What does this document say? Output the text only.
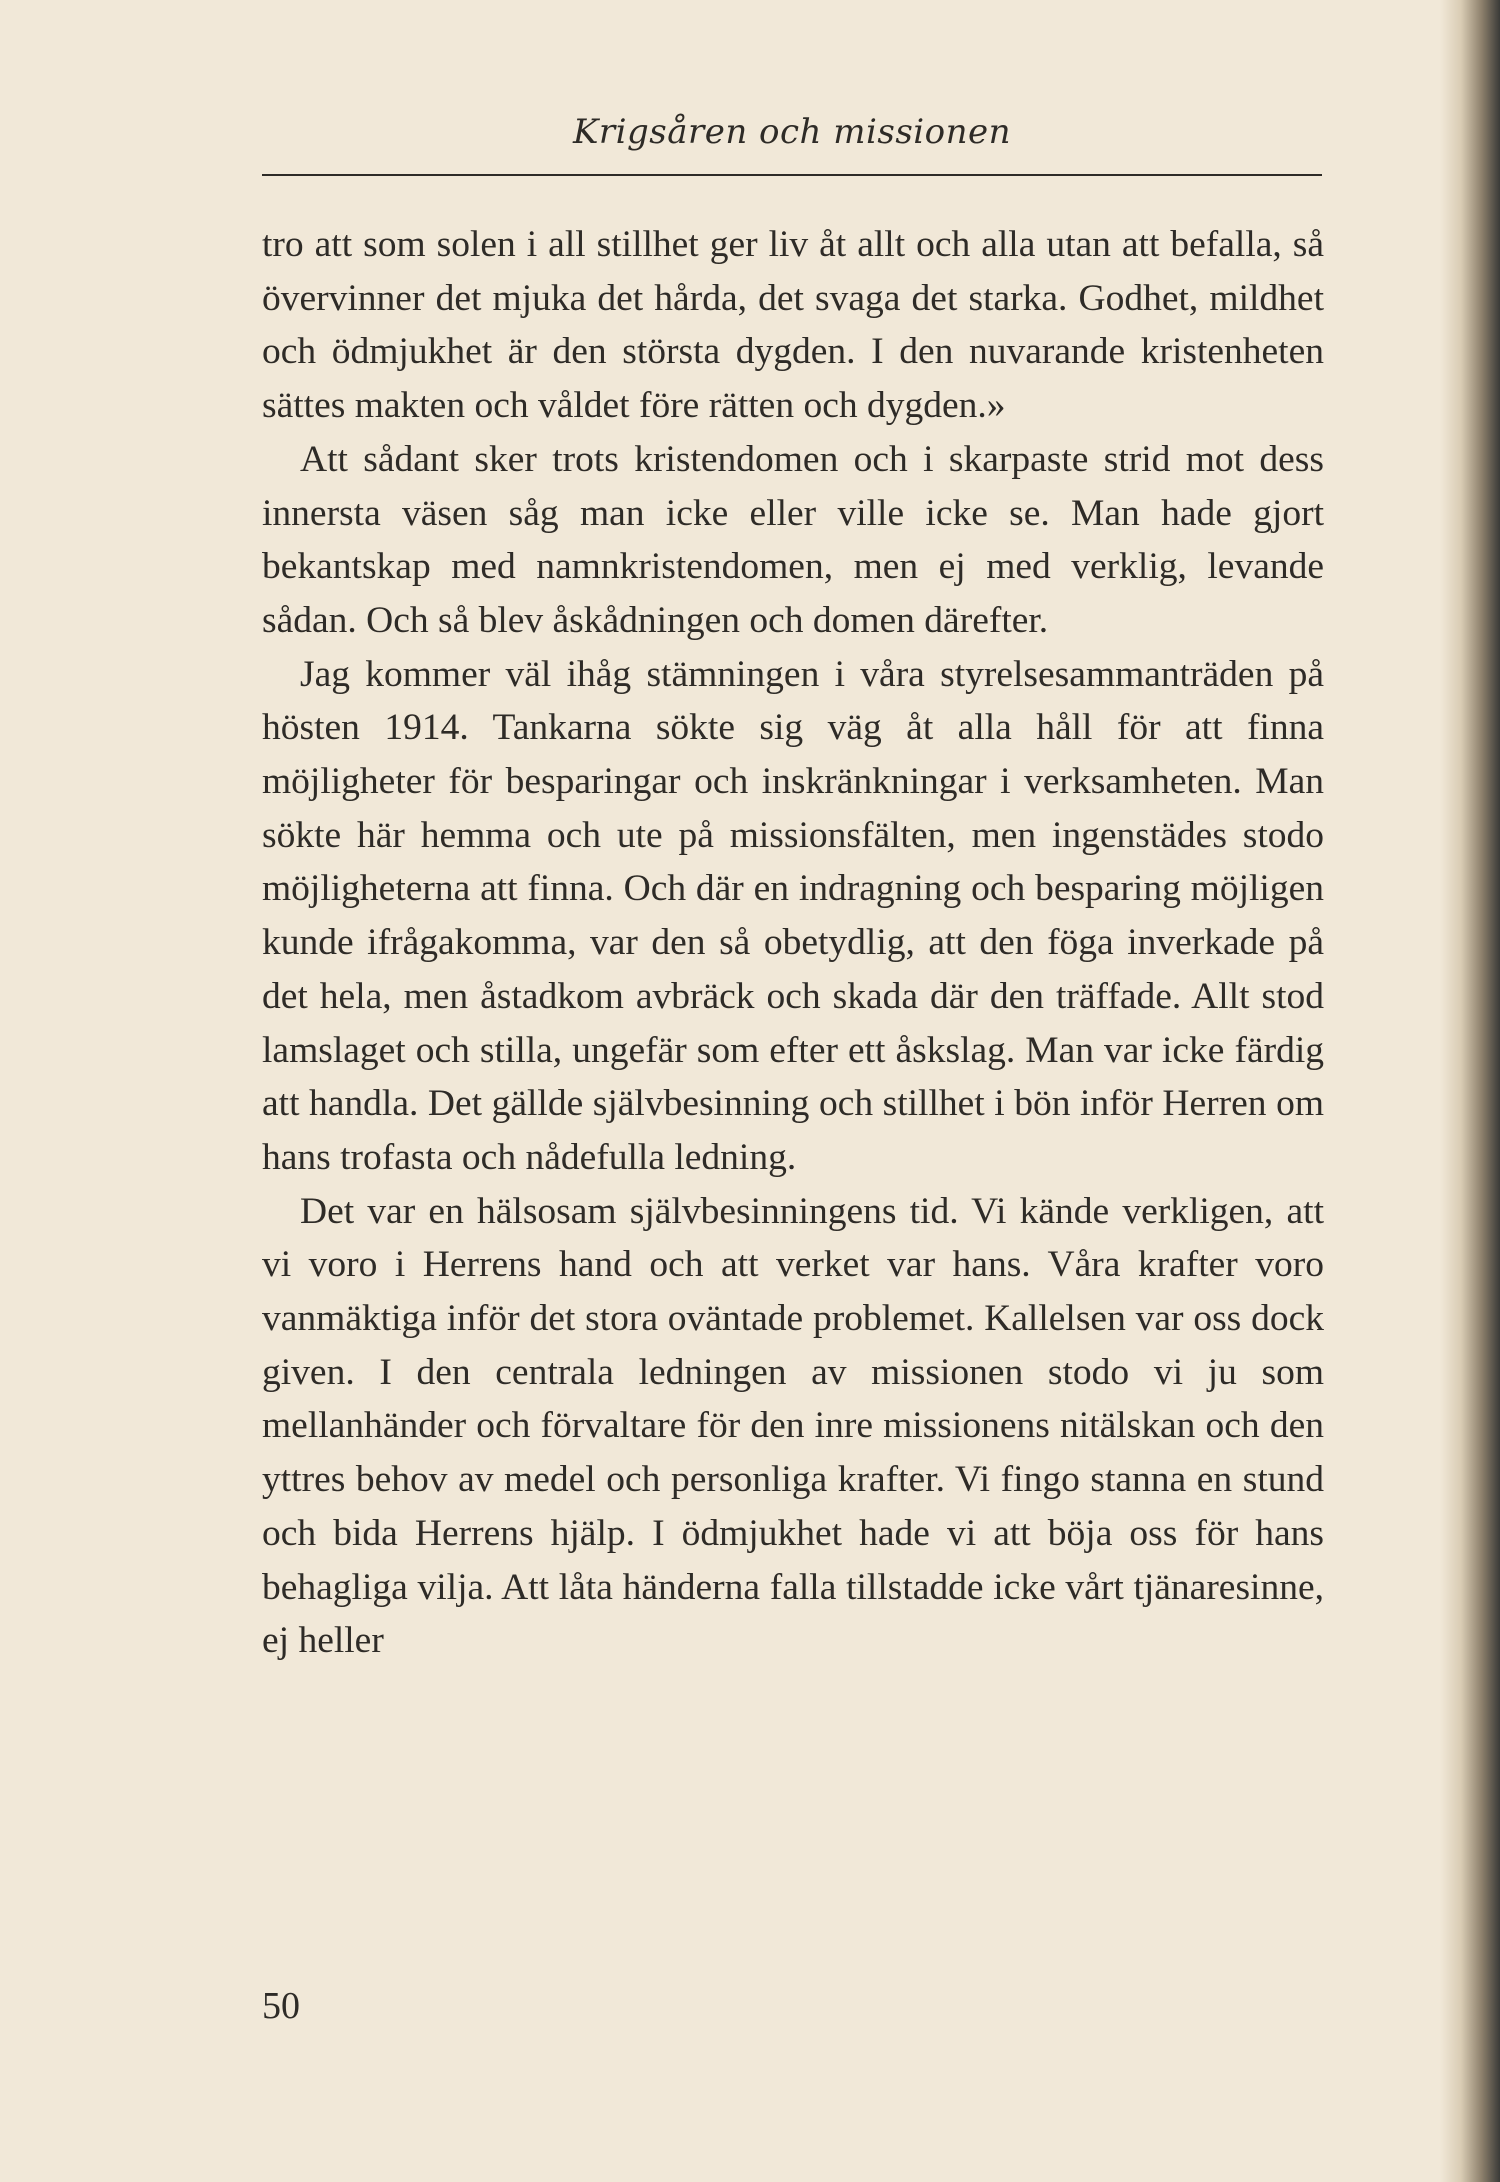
Krigsåren och missionen

tro att som solen i all stillhet ger liv åt allt och alla utan att befalla, så övervinner det mjuka det hårda, det svaga det starka. Godhet, mildhet och ödmjukhet är den största dygden. I den nuvarande kristenheten sättes makten och våldet före rätten och dygden.»

Att sådant sker trots kristendomen och i skarpaste strid mot dess innersta väsen såg man icke eller ville icke se. Man hade gjort bekantskap med namnkristendomen, men ej med verklig, levande sådan. Och så blev åskådningen och domen därefter.

Jag kommer väl ihåg stämningen i våra styrelsesammanträden på hösten 1914. Tankarna sökte sig väg åt alla håll för att finna möjligheter för besparingar och inskränkningar i verksamheten. Man sökte här hemma och ute på missionsfälten, men ingenstädes stodo möjligheterna att finna. Och där en indragning och besparing möjligen kunde ifrågakomma, var den så obetydlig, att den föga inverkade på det hela, men åstadkom avbräck och skada där den träffade. Allt stod lamslaget och stilla, ungefär som efter ett åskslag. Man var icke färdig att handla. Det gällde självbesinning och stillhet i bön inför Herren om hans trofasta och nådefulla ledning.

Det var en hälsosam självbesinningens tid. Vi kände verkligen, att vi voro i Herrens hand och att verket var hans. Våra krafter voro vanmäktiga inför det stora oväntade problemet. Kallelsen var oss dock given. I den centrala ledningen av missionen stodo vi ju som mellanhänder och förvaltare för den inre missionens nitälskan och den yttres behov av medel och personliga krafter. Vi fingo stanna en stund och bida Herrens hjälp. I ödmjukhet hade vi att böja oss för hans behagliga vilja. Att låta händerna falla tillstadde icke vårt tjänaresinne, ej heller

50
